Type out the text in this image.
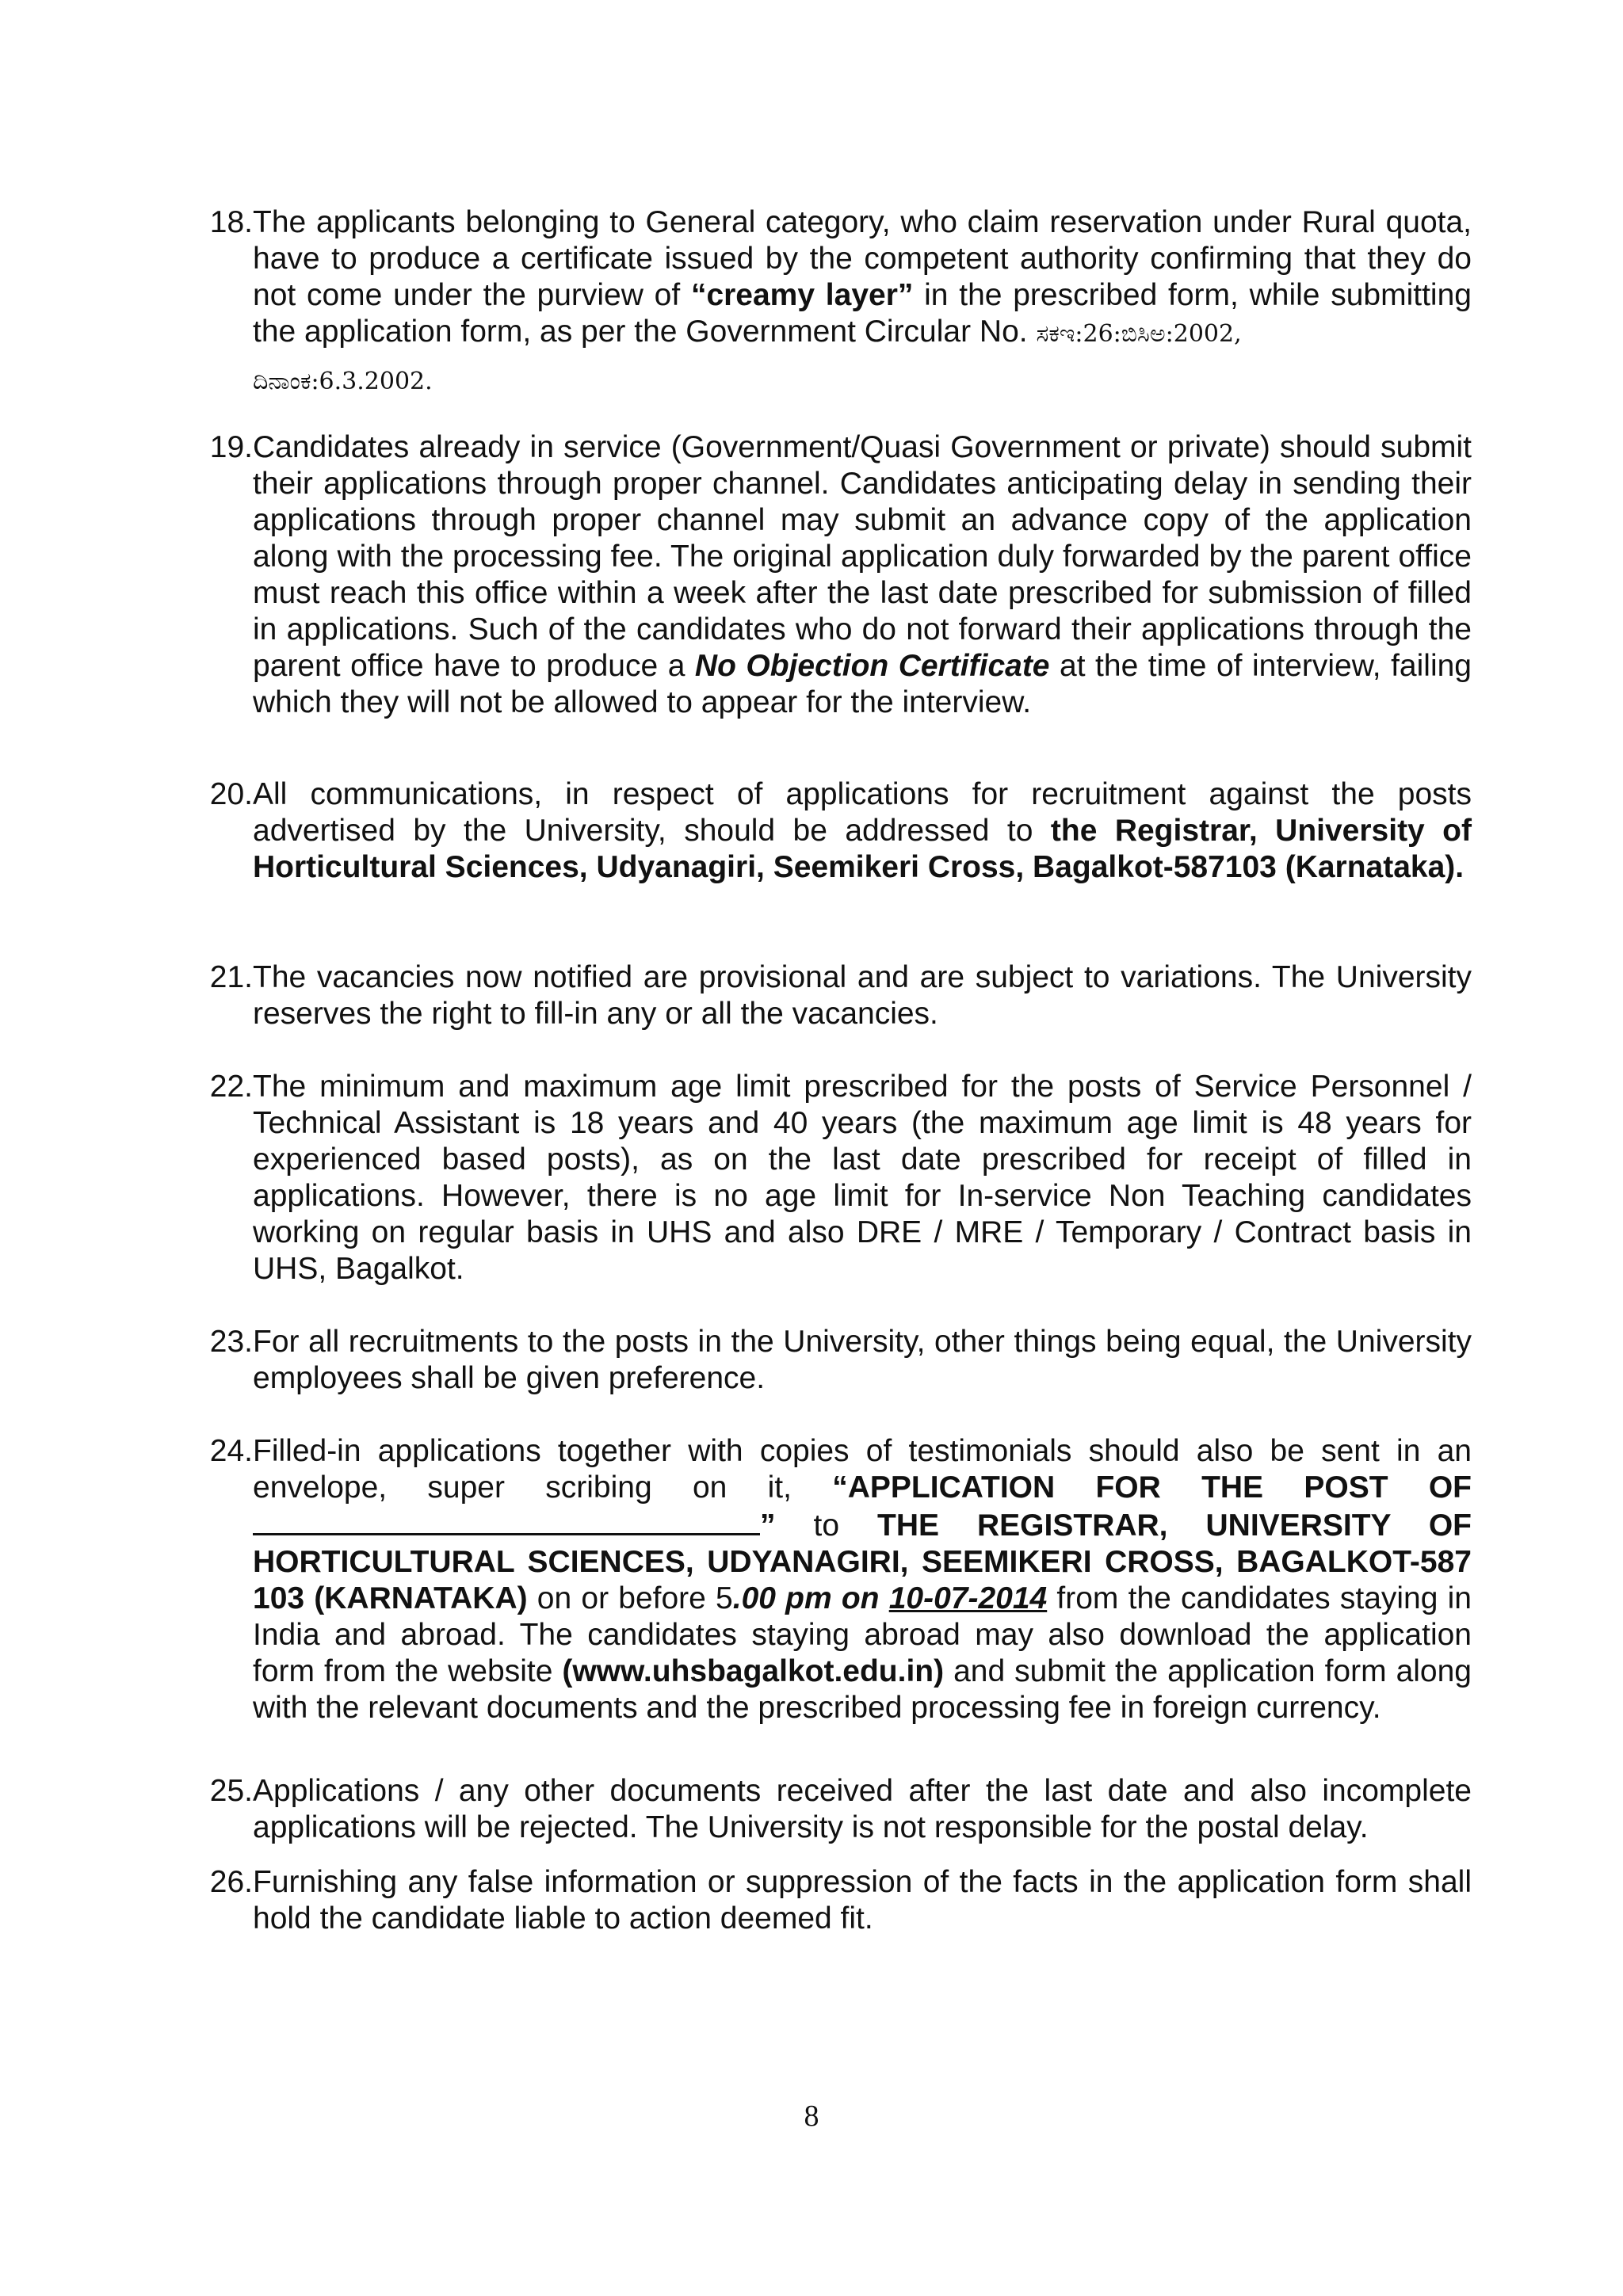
18. The applicants belonging to General category, who claim reservation under Rural quota, have to produce a certificate issued by the competent authority confirming that they do not come under the purview of “creamy layer” in the prescribed form, while submitting the application form, as per the Government Circular No. ಸಕಇ:26:ಬಿಸಿಅ:2002,
ದಿನಾಂಕ:6.3.2002.
19. Candidates already in service (Government/Quasi Government or private) should submit their applications through proper channel. Candidates anticipating delay in sending their applications through proper channel may submit an advance copy of the application along with the processing fee. The original application duly forwarded by the parent office must reach this office within a week after the last date prescribed for submission of filled in applications. Such of the candidates who do not forward their applications through the parent office have to produce a No Objection Certificate at the time of interview, failing which they will not be allowed to appear for the interview.
20. All communications, in respect of applications for recruitment against the posts advertised by the University, should be addressed to the Registrar, University of Horticultural Sciences, Udyanagiri, Seemikeri Cross, Bagalkot-587103 (Karnataka).
21. The vacancies now notified are provisional and are subject to variations. The University reserves the right to fill-in any or all the vacancies.
22. The minimum and maximum age limit prescribed for the posts of Service Personnel / Technical Assistant is 18 years and 40 years (the maximum age limit is 48 years for experienced based posts), as on the last date prescribed for receipt of filled in applications. However, there is no age limit for In-service Non Teaching candidates working on regular basis in UHS and also DRE / MRE / Temporary / Contract basis in UHS, Bagalkot.
23. For all recruitments to the posts in the University, other things being equal, the University employees shall be given preference.
24. Filled-in applications together with copies of testimonials should also be sent in an envelope, super scribing on it, “APPLICATION FOR THE POST OF ” to THE REGISTRAR, UNIVERSITY OF HORTICULTURAL SCIENCES, UDYANAGIRI, SEEMIKERI CROSS, BAGALKOT-587 103 (KARNATAKA) on or before 5.00 pm on 10-07-2014 from the candidates staying in India and abroad. The candidates staying abroad may also download the application form from the website (www.uhsbagalkot.edu.in) and submit the application form along with the relevant documents and the prescribed processing fee in foreign currency.
25. Applications / any other documents received after the last date and also incomplete applications will be rejected. The University is not responsible for the postal delay.
26. Furnishing any false information or suppression of the facts in the application form shall hold the candidate liable to action deemed fit.
8
